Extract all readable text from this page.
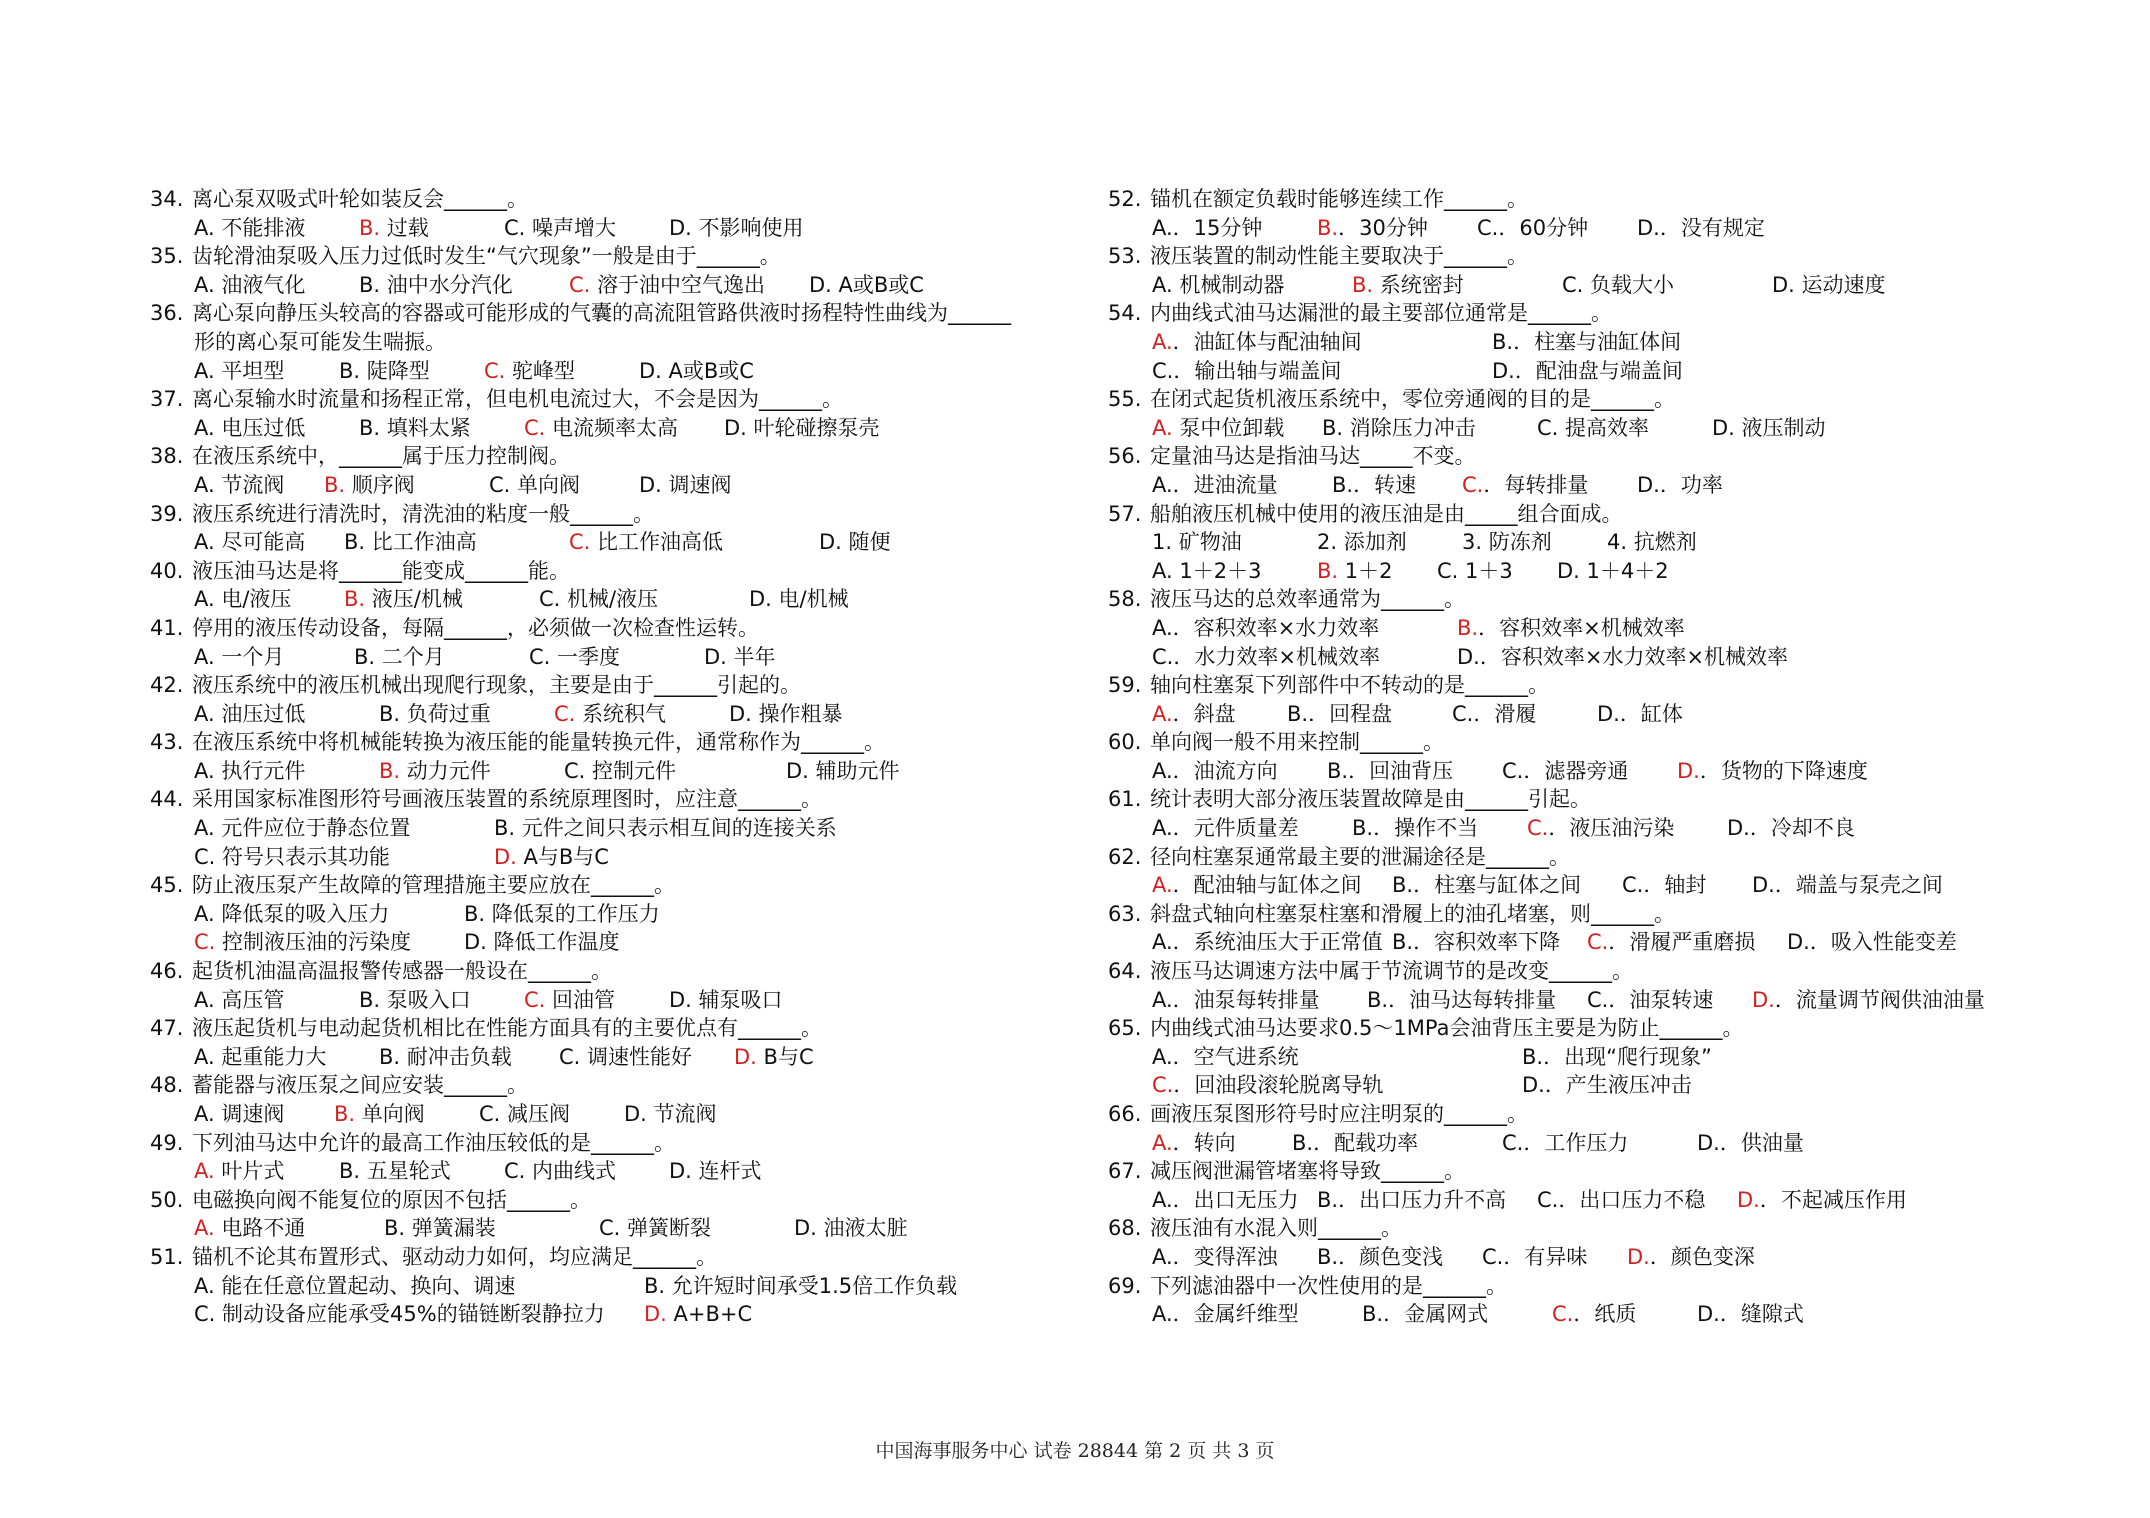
34. 离心泵双吸式叶轮如装反会______。
A. 不能排液	B. 过载	C. 噪声增大	D. 不影响使用
35. 齿轮滑油泵吸入压力过低时发生“气穴现象”一般是由于______。
A. 油液气化	B. 油中水分汽化	C. 溶于油中空气逸出 D. A或B或C
36. 离心泵向静压头较高的容器或可能形成的气囊的高流阻管路供液时扬程特性曲线为______
形的离心泵可能发生喘振。
A. 平坦型	B. 陡降型	C. 驼峰型	D. A或B或C
37. 离心泵输水时流量和扬程正常，但电机电流过大，不会是因为______。
A. 电压过低	B. 填料太紧	C. 电流频率太高 D. 叶轮碰擦泵壳
38. 在液压系统中，______属于压力控制阀。
A. 节流阀 B. 顺序阀	C. 单向阀	D. 调速阀
39. 液压系统进行清洗时，清洗油的粘度一般______。
A. 尽可能高 B. 比工作油高	C. 比工作油高低	D. 随便
40. 液压油马达是将______能变成______能。
A. 电/液压	B. 液压/机械	C. 机械/液压	D. 电/机械
41. 停用的液压传动设备，每隔______，必须做一次检查性运转。
A. 一个月	B. 二个月	C. 一季度	D. 半年
42. 液压系统中的液压机械出现爬行现象，主要是由于______引起的。
A. 油压过低	B. 负荷过重	C. 系统积气	D. 操作粗暴
43. 在液压系统中将机械能转换为液压能的能量转换元件，通常称作为______。
A. 执行元件	B. 动力元件	C. 控制元件	D. 辅助元件
44. 采用国家标准图形符号画液压装置的系统原理图时，应注意______。
A. 元件应位于静态位置	B. 元件之间只表示相互间的连接关系
C. 符号只表示其功能	D. A与B与C
45. 防止液压泵产生故障的管理措施主要应放在______。
A. 降低泵的吸入压力	B. 降低泵的工作压力
C. 控制液压油的污染度	D. 降低工作温度
46. 起货机油温高温报警传感器一般设在______。
A. 高压管	B. 泵吸入口	C. 回油管	D. 辅泵吸口
47. 液压起货机与电动起货机相比在性能方面具有的主要优点有______。
A. 起重能力大	B. 耐冲击负载 C. 调速性能好 D. B与C
48. 蓄能器与液压泵之间应安装______。
A. 调速阀 B. 单向阀	C. 减压阀	D. 节流阀
49. 下列油马达中允许的最高工作油压较低的是______。
A. 叶片式	B. 五星轮式	C. 内曲线式	D. 连杆式
50. 电磁换向阀不能复位的原因不包括______。
A. 电路不通	B. 弹簧漏装	C. 弹簧断裂	D. 油液太脏
51. 锚机不论其布置形式、驱动动力如何，均应满足______。
A. 能在任意位置起动、换向、调速	B. 允许短时间承受1.5倍工作负载
C. 制动设备应能承受45%的锚链断裂静拉力 D. A+B+C
52. 锚机在额定负载时能够连续工作______。
A.．15分钟	B.．30分钟 C.．60分钟 D.．没有规定
53. 液压装置的制动性能主要取决于______。
A. 机械制动器	B. 系统密封	C. 负载大小	D. 运动速度
54. 内曲线式油马达漏泄的最主要部位通常是______。
A.．油缸体与配油轴间	B.．柱塞与油缸体间
C.．输出轴与端盖间	D.．配油盘与端盖间
55. 在闭式起货机液压系统中，零位旁通阀的目的是______。
A. 泵中位卸载 B. 消除压力冲击	C. 提高效率	D. 液压制动
56. 定量油马达是指油马达_____不变。
A.．进油流量	B.．转速 C.．每转排量 D.．功率
57. 船舶液压机械中使用的液压油是由_____组合面成。
1. 矿物油	2. 添加剂	3. 防冻剂	4. 抗燃剂
A. 1＋2＋3	B. 1＋2 C. 1＋3 D. 1＋4＋2
58. 液压马达的总效率通常为______。
A.．容积效率×水力效率	B.．容积效率×机械效率
C.．水力效率×机械效率	D.．容积效率×水力效率×机械效率
59. 轴向柱塞泵下列部件中不转动的是______。
A.．斜盘 B.．回程盘	C.．滑履	D.．缸体
60. 单向阀一般不用来控制______。
A.．油流方向 B.．回油背压 C.．滤器旁通 D.．货物的下降速度
61. 统计表明大部分液压装置故障是由______引起。
A.．元件质量差	B.．操作不当 C.．液压油污染	D.．冷却不良
62. 径向柱塞泵通常最主要的泄漏途径是______。
A.．配油轴与缸体之间 B.．柱塞与缸体之间 C.．轴封 D.．端盖与泵壳之间
63. 斜盘式轴向柱塞泵柱塞和滑履上的油孔堵塞，则______。
A.．系统油压大于正常值 B.．容积效率下降 C.．滑履严重磨损 D.．吸入性能变差
64. 液压马达调速方法中属于节流调节的是改变______。
A.．油泵每转排量 B.．油马达每转排量 C.．油泵转速 D.．流量调节阀供油油量
65. 内曲线式油马达要求0.5～1MPa会油背压主要是为防止______。
A.．空气进系统	B.．出现“爬行现象”
C.．回油段滚轮脱离导轨	D.．产生液压冲击
66. 画液压泵图形符号时应注明泵的______。
A.．转向	B.．配载功率	C.．工作压力	D.．供油量
67. 减压阀泄漏管堵塞将导致______。
A.．出口无压力 B.．出口压力升不高 C.．出口压力不稳 D.．不起减压作用
68. 液压油有水混入则______。
A.．变得浑浊 B.．颜色变浅 C.．有异味 D.．颜色变深
69. 下列滤油器中一次性使用的是______。
A.．金属纤维型	B.．金属网式	C.．纸质	D.．缝隙式
中国海事服务中心 试卷 28844 第 2 页 共 3 页
